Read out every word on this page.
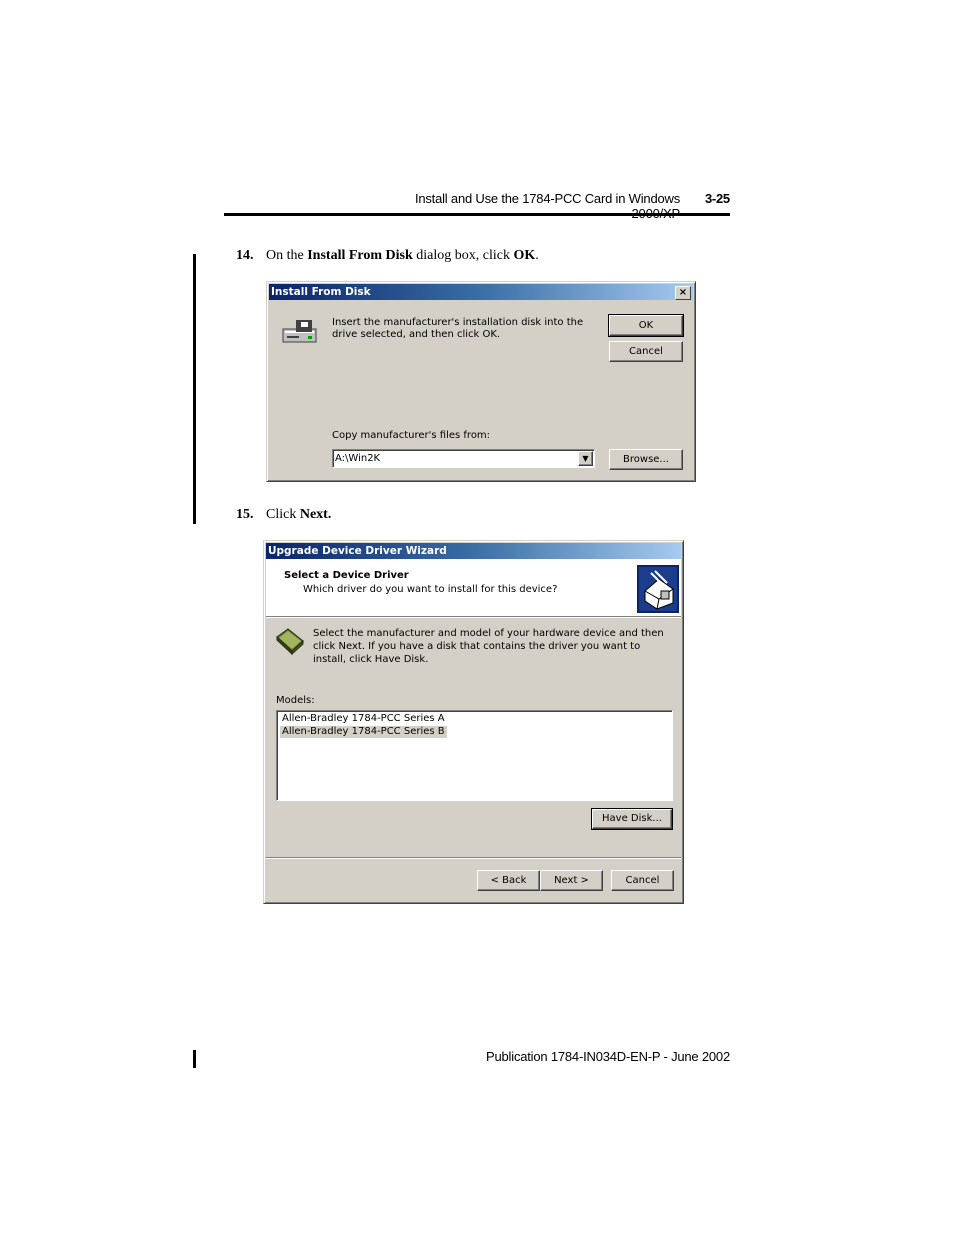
Install and Use the 1784-PCC Card in Windows 3-25
14. On the Install From Disk dialog box, click OK.
Install From Disk	×
Insert the manufacturer's installation disk into the drive selected, and then click OK.
OK
Cancel
Copy manufacturer's files from:
A:\Win2K	▼	Browse...
15. Click Next.
Upgrade Device Driver Wizard
Select a Device Driver
Which driver do you want to install for this device?
Select the manufacturer and model of your hardware device and then click Next. If you have a disk that contains the driver you want to install, click Have Disk.
Models:
Allen-Bradley 1784-PCC Series A
Allen-Bradley 1784-PCC Series B
Have Disk...
< Back	Next >	Cancel
Publication 1784-IN034D-EN-P - June 2002
